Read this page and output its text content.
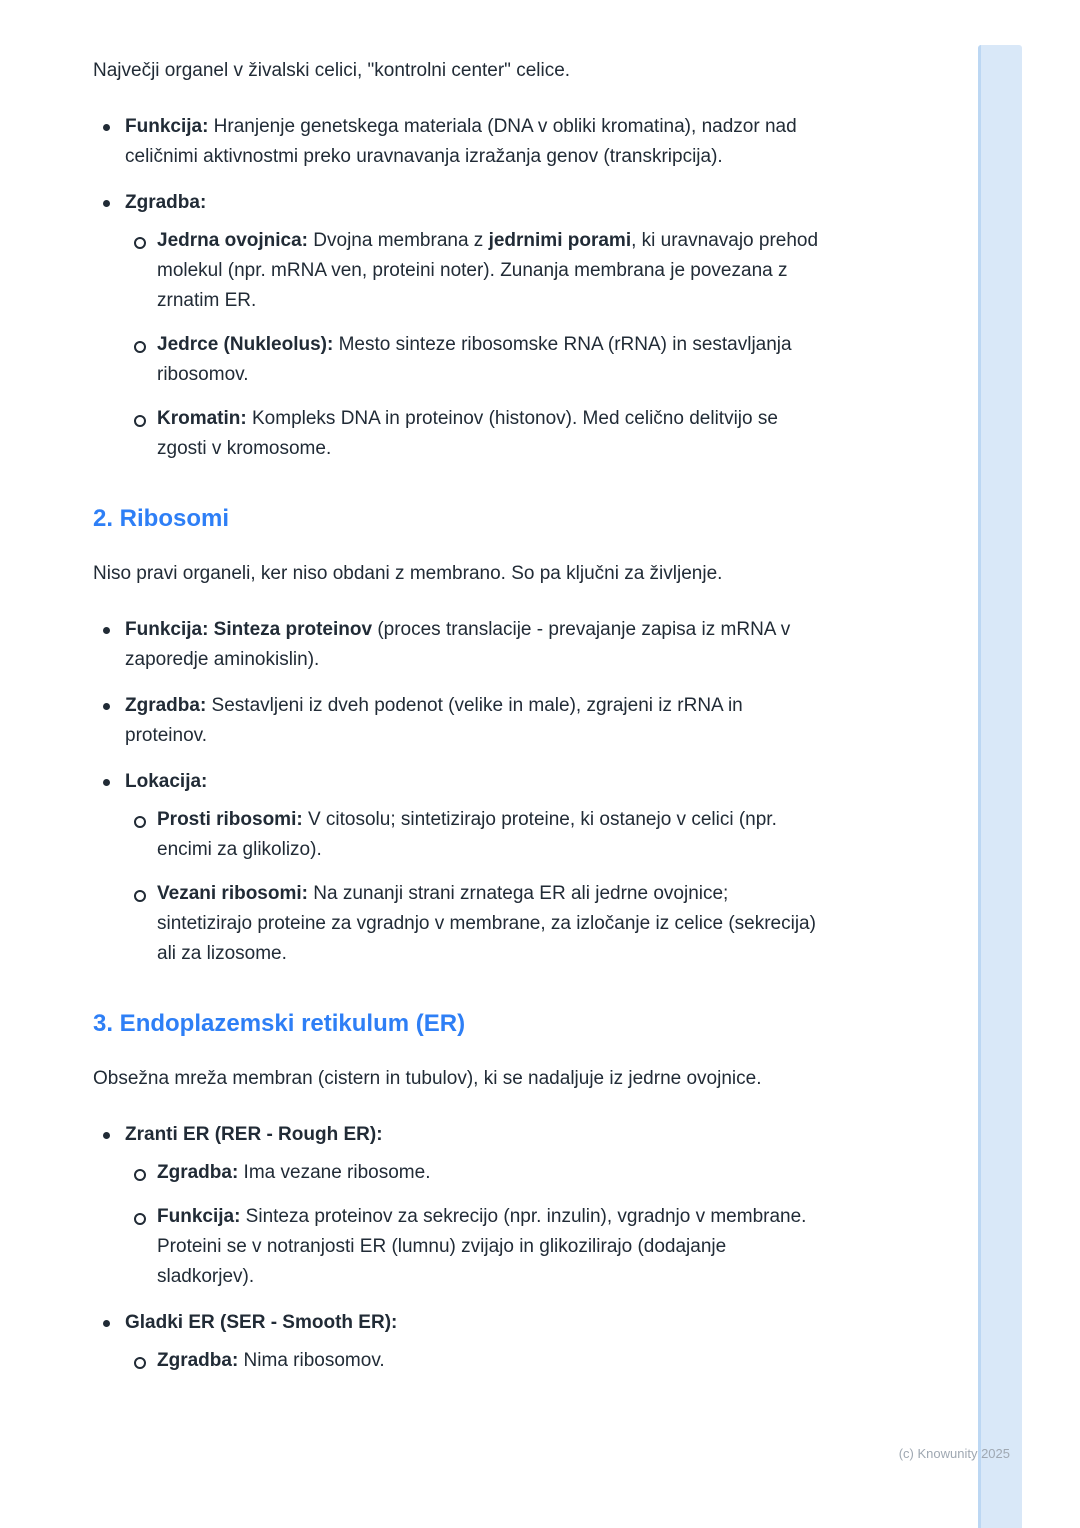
Največji organel v živalski celici, "kontrolni center" celice.

Funkcija: Hranjenje genetskega materiala (DNA v obliki kromatina), nadzor nad celičnimi aktivnostmi preko uravnavanja izražanja genov (transkripcija).
Zgradba:
Jedrna ovojnica: Dvojna membrana z jedrnimi porami, ki uravnavajo prehod molekul (npr. mRNA ven, proteini noter). Zunanja membrana je povezana z zrnatim ER.
Jedrce (Nukleolus): Mesto sinteze ribosomske RNA (rRNA) in sestavljanja ribosomov.
Kromatin: Kompleks DNA in proteinov (histonov). Med celično delitvijo se zgosti v kromosome.
2. Ribosomi

Niso pravi organeli, ker niso obdani z membrano. So pa ključni za življenje.

Funkcija: Sinteza proteinov (proces translacije - prevajanje zapisa iz mRNA v zaporedje aminokislin).
Zgradba: Sestavljeni iz dveh podenot (velike in male), zgrajeni iz rRNA in proteinov.
Lokacija:
Prosti ribosomi: V citosolu; sintetizirajo proteine, ki ostanejo v celici (npr. encimi za glikolizo).
Vezani ribosomi: Na zunanji strani zrnatega ER ali jedrne ovojnice; sintetizirajo proteine za vgradnjo v membrane, za izločanje iz celice (sekrecija) ali za lizosome.
3. Endoplazemski retikulum (ER)

Obsežna mreža membran (cistern in tubulov), ki se nadaljuje iz jedrne ovojnice.

Zranti ER (RER - Rough ER):
Zgradba: Ima vezane ribosome.
Funkcija: Sinteza proteinov za sekrecijo (npr. inzulin), vgradnjo v membrane. Proteini se v notranjosti ER (lumnu) zvijajo in glikozilirajo (dodajanje sladkorjev).
Gladki ER (SER - Smooth ER):
Zgradba: Nima ribosomov.
(c) Knowunity 2025
